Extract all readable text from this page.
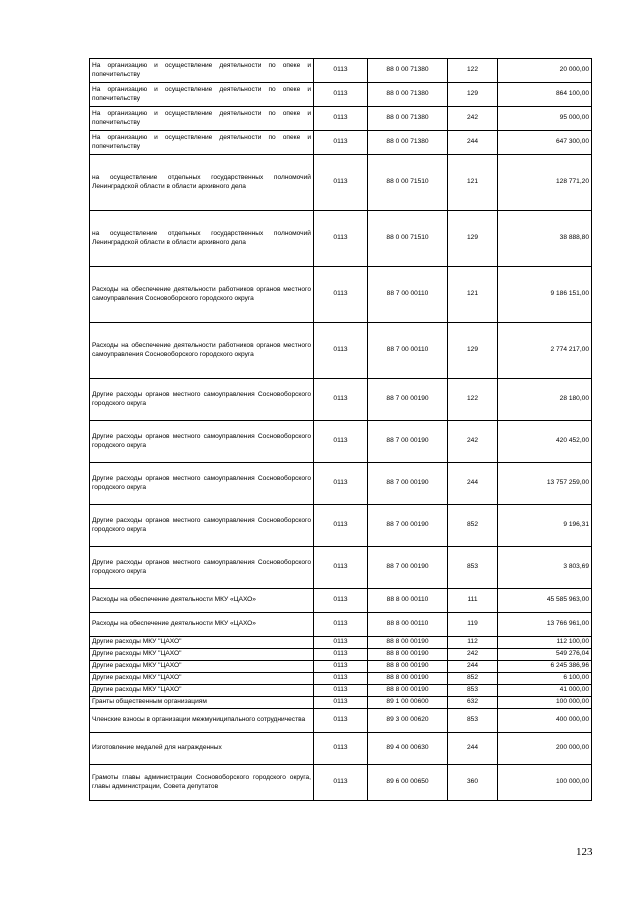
На организацию и осуществление деятельности по опеке и попечительству	0113	88 0 00 71380	122	20 000,00
На организацию и осуществление деятельности по опеке и попечительству	0113	88 0 00 71380	129	864 100,00
На организацию и осуществление деятельности по опеке и попечительству	0113	88 0 00 71380	242	95 000,00
На организацию и осуществление деятельности по опеке и попечительству	0113	88 0 00 71380	244	647 300,00
на осуществление отдельных государственных полномочий Ленинградской области в области архивного дела	0113	88 0 00 71510	121	128 771,20
на осуществление отдельных государственных полномочий Ленинградской области в области архивного дела	0113	88 0 00 71510	129	38 888,80
Расходы на обеспечение деятельности работников органов местного самоуправления Сосновоборского городского округа	0113	88 7 00 00110	121	9 186 151,00
Расходы на обеспечение деятельности работников органов местного самоуправления Сосновоборского городского округа	0113	88 7 00 00110	129	2 774 217,00
Другие расходы органов местного самоуправления Сосновоборского городского округа	0113	88 7 00 00190	122	28 180,00
Другие расходы органов местного самоуправления Сосновоборского городского округа	0113	88 7 00 00190	242	420 452,00
Другие расходы органов местного самоуправления Сосновоборского городского округа	0113	88 7 00 00190	244	13 757 259,00
Другие расходы органов местного самоуправления Сосновоборского городского округа	0113	88 7 00 00190	852	9 196,31
Другие расходы органов местного самоуправления Сосновоборского городского округа	0113	88 7 00 00190	853	3 803,69
Расходы на обеспечение деятельности МКУ «ЦАХО»	0113	88 8 00 00110	111	45 585 963,00
Расходы на обеспечение деятельности МКУ «ЦАХО»	0113	88 8 00 00110	119	13 766 961,00
Другие расходы МКУ "ЦАХО"	0113	88 8 00 00190	112	112 100,00
Другие расходы МКУ "ЦАХО"	0113	88 8 00 00190	242	549 276,04
Другие расходы МКУ "ЦАХО"	0113	88 8 00 00190	244	6 245 386,96
Другие расходы МКУ "ЦАХО"	0113	88 8 00 00190	852	6 100,00
Другие расходы МКУ "ЦАХО"	0113	88 8 00 00190	853	41 000,00
Гранты общественным организациям	0113	89 1 00 00600	632	100 000,00
Членские взносы в организации межмуниципального сотрудничества	0113	89 3 00 00620	853	400 000,00
Изготовление медалей для награжденных	0113	89 4 00 00630	244	200 000,00
Грамоты главы администрации Сосновоборского городского округа, главы администрации, Совета депутатов	0113	89 6 00 00650	360	100 000,00
123
